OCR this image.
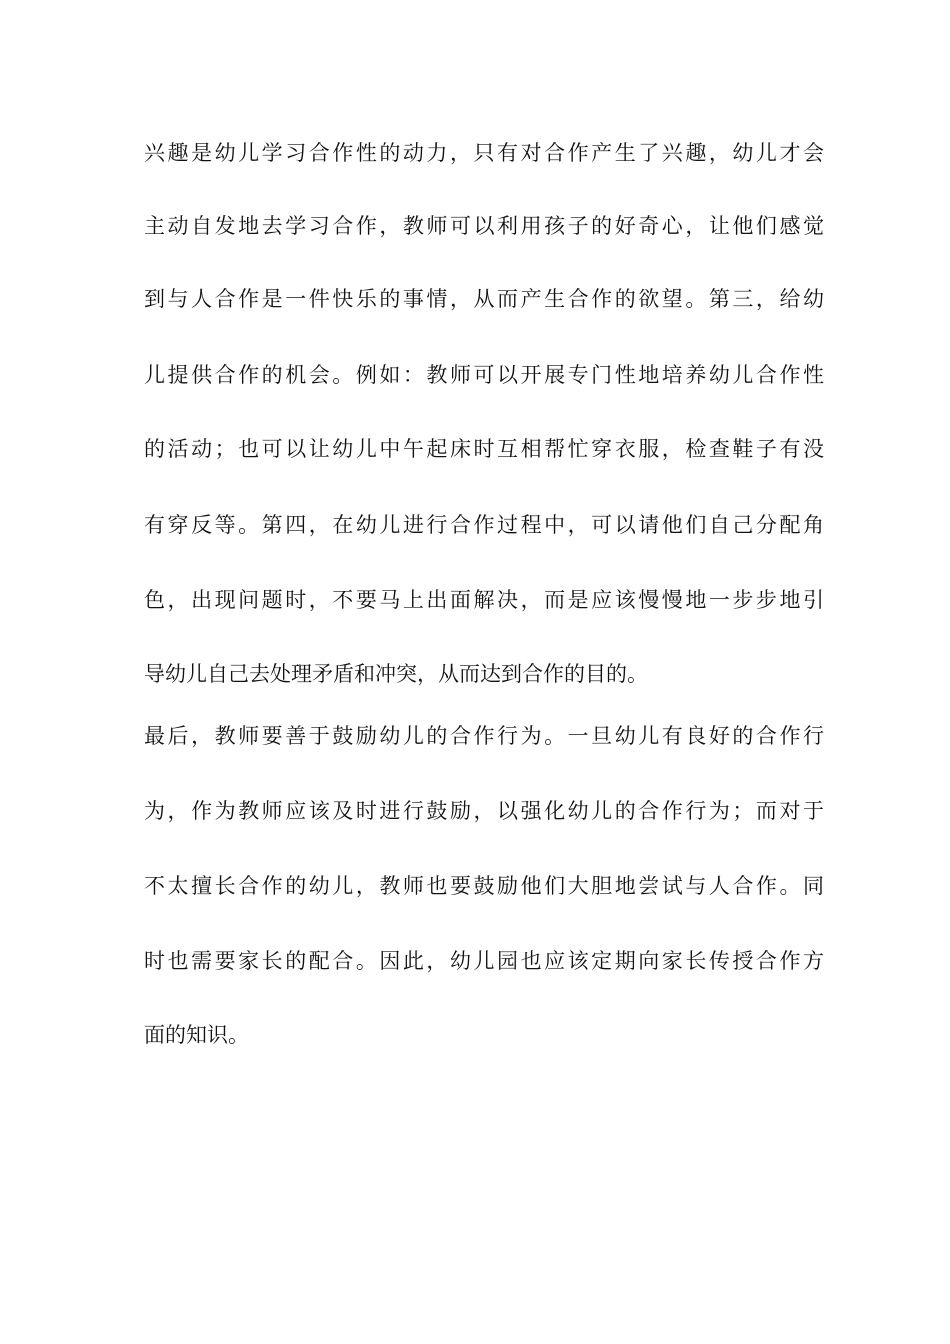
兴趣是幼儿学习合作性的动力，只有对合作产生了兴趣，幼儿才会
主动自发地去学习合作，教师可以利用孩子的好奇心，让他们感觉
到与人合作是一件快乐的事情，从而产生合作的欲望。第三，给幼
儿提供合作的机会。例如：教师可以开展专门性地培养幼儿合作性
的活动；也可以让幼儿中午起床时互相帮忙穿衣服，检查鞋子有没
有穿反等。第四，在幼儿进行合作过程中，可以请他们自己分配角
色，出现问题时，不要马上出面解决，而是应该慢慢地一步步地引
导幼儿自己去处理矛盾和冲突，从而达到合作的目的。
最后，教师要善于鼓励幼儿的合作行为。一旦幼儿有良好的合作行
为，作为教师应该及时进行鼓励，以强化幼儿的合作行为；而对于
不太擅长合作的幼儿，教师也要鼓励他们大胆地尝试与人合作。同
时也需要家长的配合。因此，幼儿园也应该定期向家长传授合作方
面的知识。
